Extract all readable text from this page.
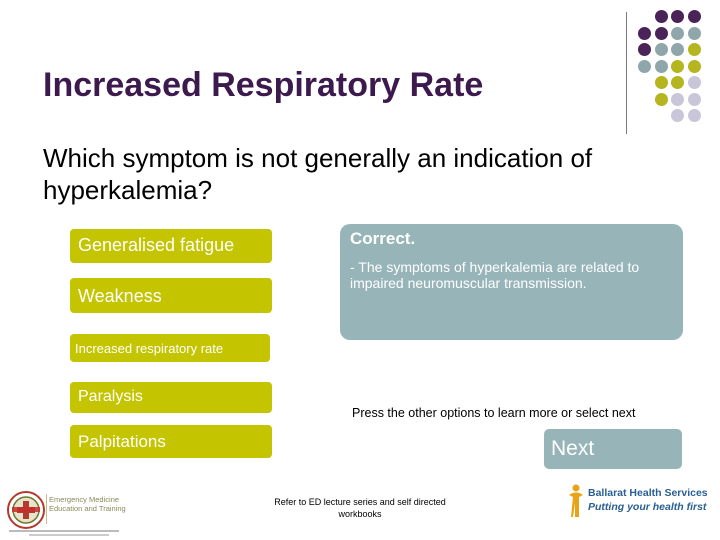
Increased Respiratory Rate
Which symptom is not generally an indication of hyperkalemia?
Generalised fatigue
Weakness
Increased respiratory rate
Paralysis
Palpitations
Correct.
- The symptoms of hyperkalemia are related to impaired neuromuscular transmission.
Press the other options to learn more or select next
Next
Refer to ED lecture series and self directed workbooks
Emergency Medicine Education and Training
Ballarat Health Services
Putting your health first
